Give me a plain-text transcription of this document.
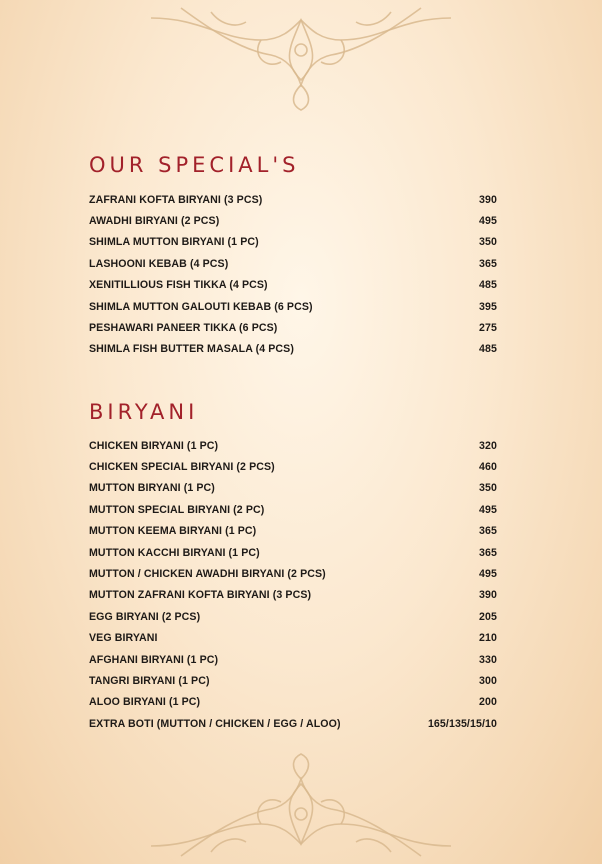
OUR SPECIAL'S
ZAFRANI KOFTA BIRYANI (3 PCS)	390
AWADHI BIRYANI (2 PCS)	495
SHIMLA MUTTON BIRYANI (1 PC)	350
LASHOONI KEBAB (4 PCS)	365
XENITILLIOUS FISH TIKKA (4 PCS)	485
SHIMLA MUTTON GALOUTI KEBAB (6 PCS)	395
PESHAWARI PANEER TIKKA (6 PCS)	275
SHIMLA FISH BUTTER MASALA (4 PCS)	485
BIRYANI
CHICKEN BIRYANI (1 PC)	320
CHICKEN SPECIAL BIRYANI (2 PCS)	460
MUTTON BIRYANI (1 PC)	350
MUTTON SPECIAL BIRYANI (2 PC)	495
MUTTON KEEMA BIRYANI (1 PC)	365
MUTTON KACCHI BIRYANI (1 PC)	365
MUTTON / CHICKEN AWADHI BIRYANI (2 PCS)	495
MUTTON ZAFRANI KOFTA BIRYANI (3 PCS)	390
EGG BIRYANI (2 PCS)	205
VEG BIRYANI	210
AFGHANI BIRYANI (1 PC)	330
TANGRI BIRYANI (1 PC)	300
ALOO BIRYANI (1 PC)	200
EXTRA BOTI (MUTTON / CHICKEN / EGG / ALOO)	165/135/15/10
